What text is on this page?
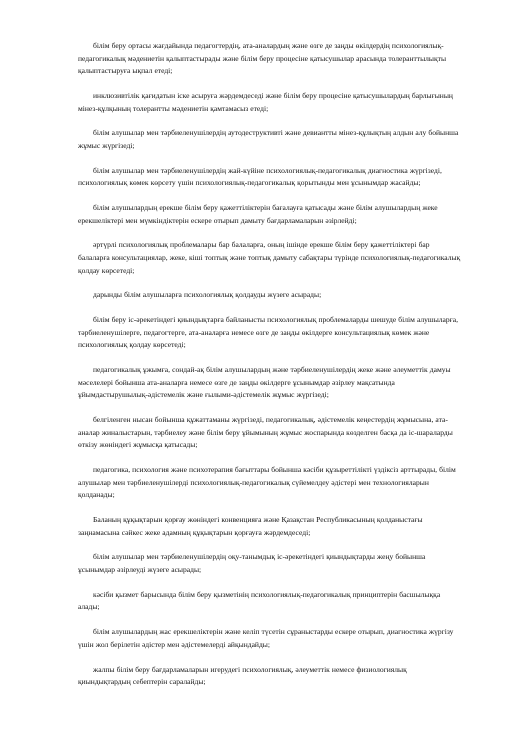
білім беру ортасы жағдайында педагогтердің, ата-аналардың және өзге де заңды өкілдердің психологиялық-педагогикалық мәдениетін қалыптастырады және білім беру процесіне қатысушылар арасында толеранттылықты қалыптастыруға ықпал етеді;

инклюзивтілік қағидатын іске асыруға жәрдемдеседі және білім беру процесіне қатысушылардың барлығының мінез-құлқының толерантты мәдениетін қамтамасыз етеді;

білім алушылар мен тәрбиеленушілердің аутодеструктивті және девиантты мінез-құлықтың алдын алу бойынша жұмыс жүргізеді;

білім алушылар мен тәрбиеленушілердің жай-күйіне психологиялық-педагогикалық диагностика жүргізеді, психологиялық көмек көрсету үшін психологиялық-педагогикалық қорытынды мен ұсынымдар жасайды;

білім алушылардың ерекше білім беру қажеттіліктерін бағалауға қатысады және білім алушылардың жеке ерекшеліктері мен мүмкіндіктерін ескере отырып дамыту бағдарламаларын әзірлейді;

әртүрлі психологиялық проблемалары бар балаларға, оның ішінде ерекше білім беру қажеттіліктері бар балаларға консультациялар, жеке, кіші топтық және топтық дамыту сабақтары түрінде психологиялық-педагогикалық қолдау көрсетеді;

дарынды білім алушыларға психологиялық қолдауды жүзеге асырады;

білім беру іс-әрекетіндегі қиындықтарға байланысты психологиялық проблемаларды шешуде білім алушыларға, тәрбиеленушілерге, педагогтерге, ата-аналарға немесе өзге де заңды өкілдерге консультациялық көмек және психологиялық қолдау көрсетеді;

педагогикалық ұжымға, сондай-ақ білім алушылардың және тәрбиеленушілердің жеке және әлеуметтік дамуы мәселелері бойынша ата-аналарға немесе өзге де заңды өкілдерге ұсынымдар әзірлеу мақсатында ұйымдастырушылық-әдістемелік және ғылыми-әдістемелік жұмыс жүргізеді;

белгіленген нысан бойынша құжаттаманы жүргізеді, педагогикалық, әдістемелік кеңестердің жұмысына, ата-аналар жиналыстарын, тәрбиелеу және білім беру ұйымының жұмыс жоспарында көзделген басқа да іс-шараларды өткізу жөніндегі жұмысқа қатысады;

педагогика, психология және психотерапия бағыттары бойынша кәсіби құзыреттілікті үздіксіз арттырады, білім алушылар мен тәрбиеленушілерді психологиялық-педагогикалық сүйемелдеу әдістері мен технологияларын қолданады;

Баланың құқықтарын қорғау жөніндегі конвенцияға және Қазақстан Республикасының қолданыстағы заңнамасына сәйкес жеке адамның құқықтарын қорғауға жәрдемдеседі;

білім алушылар мен тәрбиеленушілердің оқу-танымдық іс-әрекетіндегі қиындықтарды жеңу бойынша ұсынымдар әзірлеуді жүзеге асырады;

кәсіби қызмет барысында білім беру қызметінің психологиялық-педагогикалық принциптерін басшылыққа алады;

білім алушылардың жас ерекшеліктерін және келіп түсетін сұраныстарды ескере отырып, диагностика жүргізу үшін жол берілетін әдістер мен әдістемелерді айқындайды;

жалпы білім беру бағдарламаларын игерудегі психологиялық, әлеуметтік немесе физиологиялық қиындықтардың себептерін саралайды;
